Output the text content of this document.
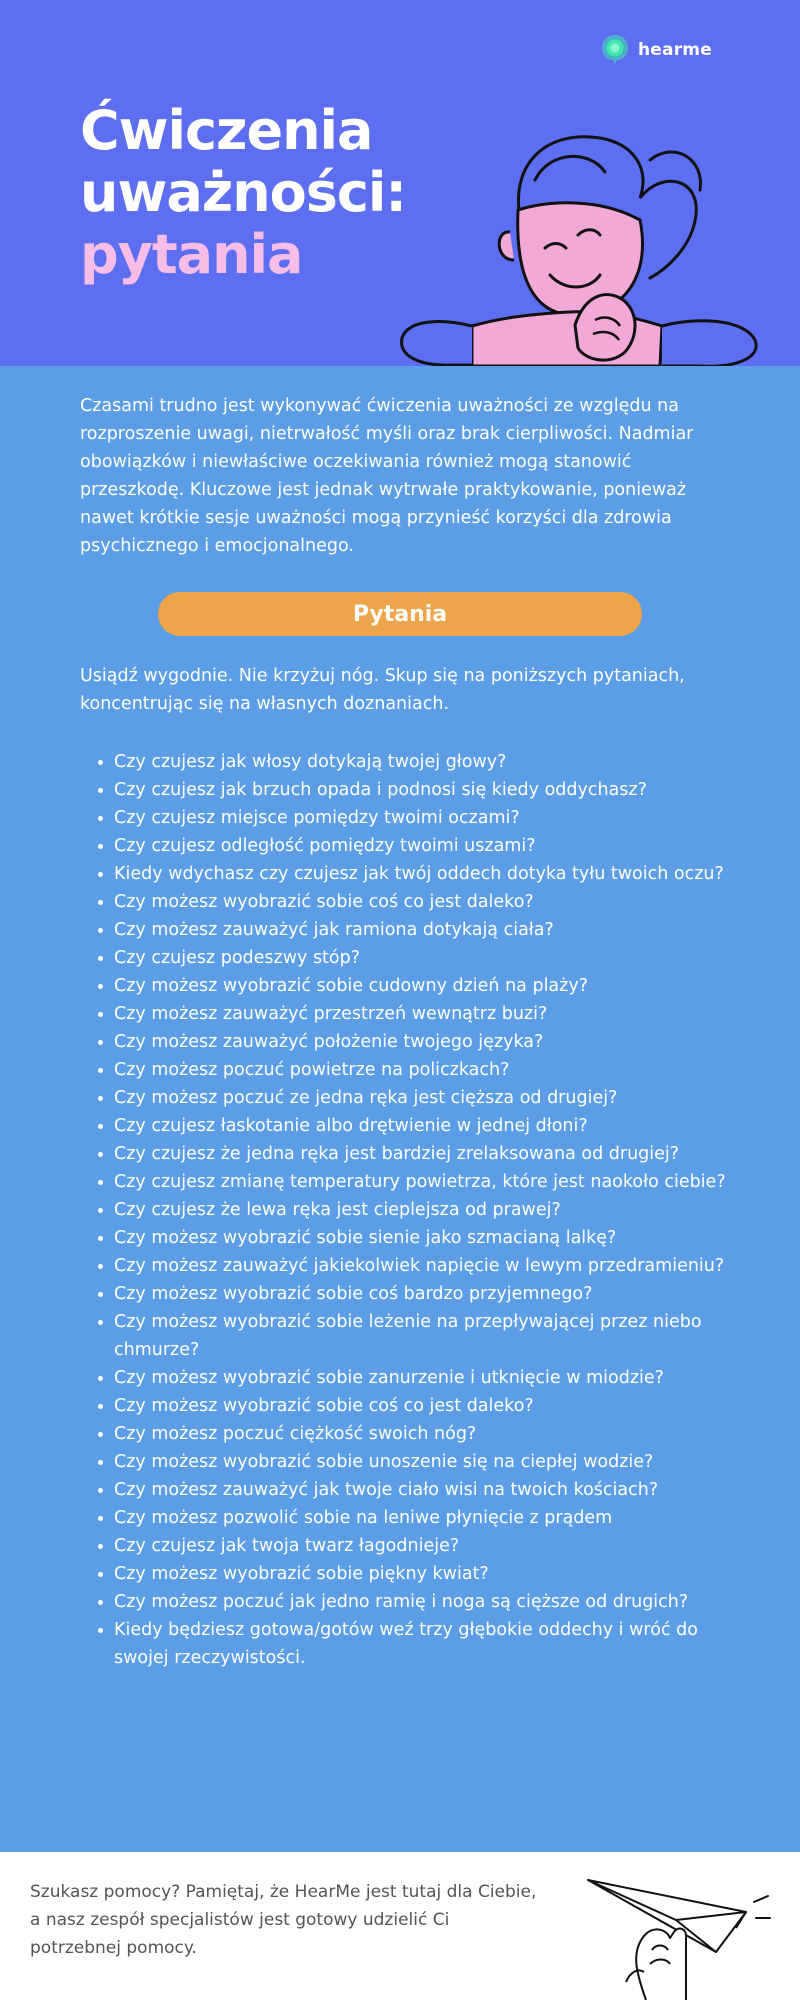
hearme
Ćwiczenia
uważności:
pytania

Czasami trudno jest wykonywać ćwiczenia uważności ze względu na rozproszenie uwagi, nietrwałość myśli oraz brak cierpliwości. Nadmiar obowiązków i niewłaściwe oczekiwania również mogą stanowić przeszkodę. Kluczowe jest jednak wytrwałe praktykowanie, ponieważ nawet krótkie sesje uważności mogą przynieść korzyści dla zdrowia psychicznego i emocjonalnego.

Pytania

Usiądź wygodnie. Nie krzyżuj nóg. Skup się na poniższych pytaniach, koncentrując się na własnych doznaniach.

Czy czujesz jak włosy dotykają twojej głowy?
Czy czujesz jak brzuch opada i podnosi się kiedy oddychasz?
Czy czujesz miejsce pomiędzy twoimi oczami?
Czy czujesz odległość pomiędzy twoimi uszami?
Kiedy wdychasz czy czujesz jak twój oddech dotyka tyłu twoich oczu?
Czy możesz wyobrazić sobie coś co jest daleko?
Czy możesz zauważyć jak ramiona dotykają ciała?
Czy czujesz podeszwy stóp?
Czy możesz wyobrazić sobie cudowny dzień na plaży?
Czy możesz zauważyć przestrzeń wewnątrz buzi?
Czy możesz zauważyć położenie twojego języka?
Czy możesz poczuć powietrze na policzkach?
Czy możesz poczuć ze jedna ręka jest cięższa od drugiej?
Czy czujesz łaskotanie albo drętwienie w jednej dłoni?
Czy czujesz że jedna ręka jest bardziej zrelaksowana od drugiej?
Czy czujesz zmianę temperatury powietrza, które jest naokoło ciebie?
Czy czujesz że lewa ręka jest cieplejsza od prawej?
Czy możesz wyobrazić sobie sienie jako szmacianą lalkę?
Czy możesz zauważyć jakiekolwiek napięcie w lewym przedramieniu?
Czy możesz wyobrazić sobie coś bardzo przyjemnego?
Czy możesz wyobrazić sobie leżenie na przepływającej przez niebo chmurze?
Czy możesz wyobrazić sobie zanurzenie i utknięcie w miodzie?
Czy możesz wyobrazić sobie coś co jest daleko?
Czy możesz poczuć ciężkość swoich nóg?
Czy możesz wyobrazić sobie unoszenie się na ciepłej wodzie?
Czy możesz zauważyć jak twoje ciało wisi na twoich kościach?
Czy możesz pozwolić sobie na leniwe płynięcie z prądem
Czy czujesz jak twoja twarz łagodnieje?
Czy możesz wyobrazić sobie piękny kwiat?
Czy możesz poczuć jak jedno ramię i noga są cięższe od drugich?
Kiedy będziesz gotowa/gotów weź trzy głębokie oddechy i wróć do swojej rzeczywistości.

Szukasz pomocy? Pamiętaj, że HearMe jest tutaj dla Ciebie, a nasz zespół specjalistów jest gotowy udzielić Ci potrzebnej pomocy.
